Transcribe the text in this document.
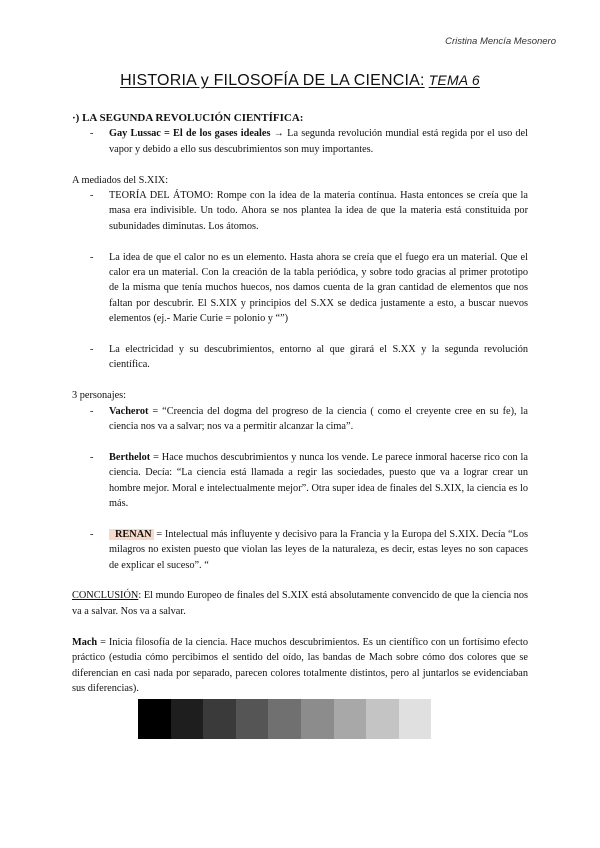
Cristina Mencía Mesonero
HISTORIA y FILOSOFÍA DE LA CIENCIA: TEMA 6

·) LA SEGUNDA REVOLUCIÓN CIENTÍFICA:

- Gay Lussac = El de los gases ideales → La segunda revolución mundial está regida por el uso del vapor y debido a ello sus descubrimientos son muy importantes.

A mediados del S.XIX:

- TEORÍA DEL ÁTOMO: Rompe con la idea de la materia contínua. Hasta entonces se creía que la masa era indivisible. Un todo. Ahora se nos plantea la idea de que la materia está constituida por subunidades diminutas. Los átomos.

- La idea de que el calor no es un elemento. Hasta ahora se creía que el fuego era un material. Que el calor era un material. Con la creación de la tabla periódica, y sobre todo gracias al primer prototipo de la misma que tenía muchos huecos, nos damos cuenta de la gran cantidad de elementos que nos faltan por descubrir. El S.XIX y principios del S.XX se dedica justamente a esto, a buscar nuevos elementos (ej.- Marie Curie = polonio y “”)

- La electricidad y su descubrimientos, entorno al que girará el S.XX y la segunda revolución científica.

3 personajes:

- Vacherot = “Creencia del dogma del progreso de la ciencia ( como el creyente cree en su fe), la ciencia nos va a salvar; nos va a permitir alcanzar la cima”.

- Berthelot = Hace muchos descubrimientos y nunca los vende. Le parece inmoral hacerse rico con la ciencia. Decía: “La ciencia está llamada a regir las sociedades, puesto que va a lograr crear un hombre mejor. Moral e intelectualmente mejor”. Otra super idea de finales del S.XIX, la ciencia es lo más.

- RENAN = Intelectual más influyente y decisivo para la Francia y la Europa del S.XIX. Decía “Los milagros no existen puesto que violan las leyes de la naturaleza, es decir, estas leyes no son capaces de explicar el suceso”. “

CONCLUSIÓN: El mundo Europeo de finales del S.XIX está absolutamente convencido de que la ciencia nos va a salvar. Nos va a salvar.

Mach = Inicia filosofía de la ciencia. Hace muchos descubrimientos. Es un científico con un fortísimo efecto práctico (estudia cómo percibimos el sentido del oído, las bandas de Mach sobre cómo dos colores que se diferencian en casi nada por separado, parecen colores totalmente distintos, pero al juntarlos se evidenciaban sus diferencias).
